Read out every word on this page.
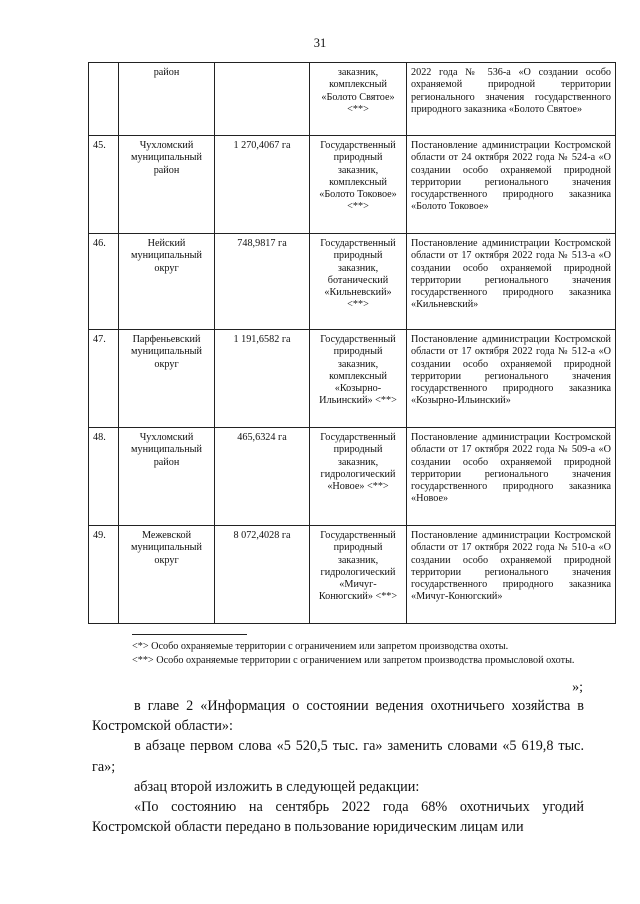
31
	район		заказник, комплексный «Болото Святое» <**>	2022 года № 536-а «О создании особо охраняемой природной территории регионального значения государственного природного заказника «Болото Святое»
45.	Чухломский муниципальный район	1 270,4067 га	Государственный природный заказник, комплексный «Болото Токовое» <**>	Постановление администрации Костромской области от 24 октября 2022 года № 524-а «О создании особо охраняемой природной территории регионального значения государственного природного заказника «Болото Токовое»
46.	Нейский муниципальный округ	748,9817 га	Государственный природный заказник, ботанический «Кильневский» <**>	Постановление администрации Костромской области от 17 октября 2022 года № 513-а «О создании особо охраняемой природной территории регионального значения государственного природного заказника «Кильневский»
47.	Парфеньевский муниципальный округ	1 191,6582 га	Государственный природный заказник, комплексный «Козырно-Ильинский» <**>	Постановление администрации Костромской области от 17 октября 2022 года № 512-а «О создании особо охраняемой природной территории регионального значения государственного природного заказника «Козырно-Ильинский»
48.	Чухломский муниципальный район	465,6324 га	Государственный природный заказник, гидрологический «Новое» <**>	Постановление администрации Костромской области от 17 октября 2022 года № 509-а «О создании особо охраняемой природной территории регионального значения государственного природного заказника «Новое»
49.	Межевской муниципальный округ	8 072,4028 га	Государственный природный заказник, гидрологический «Мичуг-Конюгский» <**>	Постановление администрации Костромской области от 17 октября 2022 года № 510-а «О создании особо охраняемой природной территории регионального значения государственного природного заказника «Мичуг-Конюгский»

<*> Особо охраняемые территории с ограничением или запретом производства охоты.

<**> Особо охраняемые территории с ограничением или запретом производства промысловой охоты.

»;

в главе 2 «Информация о состоянии ведения охотничьего хозяйства в Костромской области»:

в абзаце первом слова «5 520,5 тыс. га» заменить словами «5 619,8 тыс. га»;

абзац второй изложить в следующей редакции:

«По состоянию на сентябрь 2022 года 68% охотничьих угодий Костромской области передано в пользование юридическим лицам или
